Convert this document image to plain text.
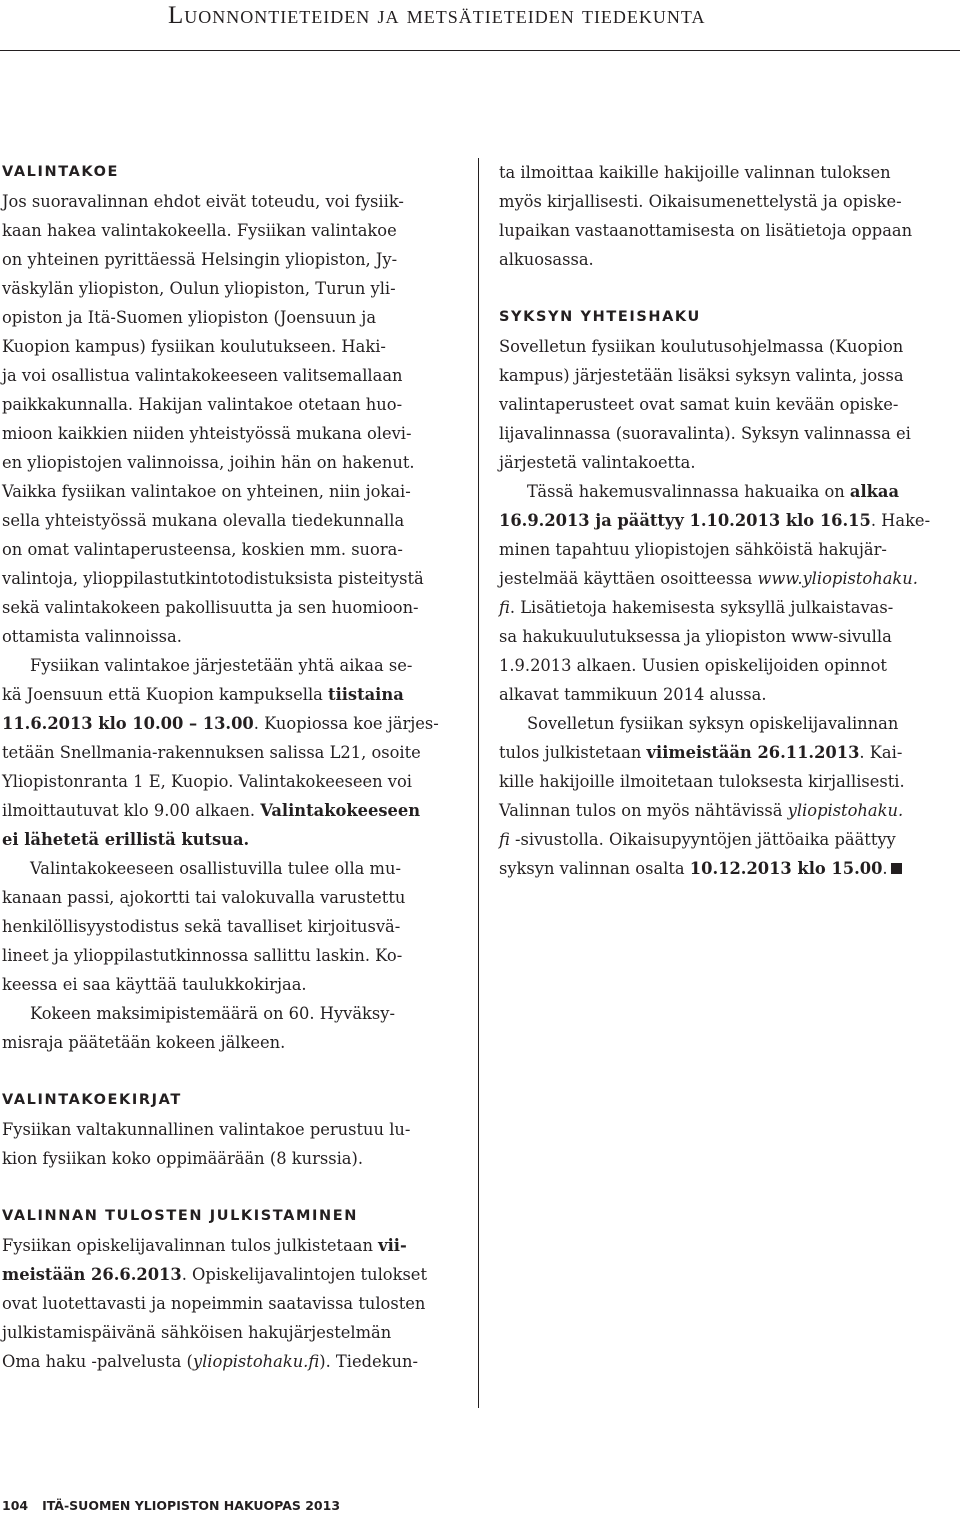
Luonnontieteiden ja metsätieteiden tiedekunta
VALINTAKOE

Jos suoravalinnan ehdot eivät toteudu, voi fysiik-

kaan hakea valintakokeella. Fysiikan valintakoe

on yhteinen pyrittäessä Helsingin yliopiston, Jy-

väskylän yliopiston, Oulun yliopiston, Turun yli-

opiston ja Itä-Suomen yliopiston (Joensuun ja

Kuopion kampus) fysiikan koulutukseen. Haki-

ja voi osallistua valintakokeeseen valitsemallaan

paikkakunnalla. Hakijan valintakoe otetaan huo-

mioon kaikkien niiden yhteistyössä mukana olevi-

en yliopistojen valinnoissa, joihin hän on hakenut.

Vaikka fysiikan valintakoe on yhteinen, niin jokai-

sella yhteistyössä mukana olevalla tiedekunnalla

on omat valintaperusteensa, koskien mm. suora-

valintoja, ylioppilastutkintotodistuksista pisteitystä

sekä valintakokeen pakollisuutta ja sen huomioon-

ottamista valinnoissa.

Fysiikan valintakoe järjestetään yhtä aikaa se-

kä Joensuun että Kuopion kampuksella tiistaina

11.6.2013 klo 10.00 – 13.00. Kuopiossa koe järjes-

tetään Snellmania-rakennuksen salissa L21, osoite

Yliopistonranta 1 E, Kuopio. Valintakokeeseen voi

ilmoittautuvat klo 9.00 alkaen. Valintakokeeseen

ei lähetetä erillistä kutsua.

Valintakokeeseen osallistuvilla tulee olla mu-

kanaan passi, ajokortti tai valokuvalla varustettu

henkilöllisyystodistus sekä tavalliset kirjoitusvä-

lineet ja ylioppilastutkinnossa sallittu laskin. Ko-

keessa ei saa käyttää taulukkokirjaa.

Kokeen maksimipistemäärä on 60. Hyväksy-

misraja päätetään kokeen jälkeen.

VALINTAKOEKIRJAT

Fysiikan valtakunnallinen valintakoe perustuu lu-

kion fysiikan koko oppimäärään (8 kurssia).

VALINNAN TULOSTEN JULKISTAMINEN

Fysiikan opiskelijavalinnan tulos julkistetaan vii-

meistään 26.6.2013. Opiskelijavalintojen tulokset

ovat luotettavasti ja nopeimmin saatavissa tulosten

julkistamispäivänä sähköisen hakujärjestelmän

Oma haku -palvelusta (yliopistohaku.fi). Tiedekun-

ta ilmoittaa kaikille hakijoille valinnan tuloksen

myös kirjallisesti. Oikaisumenettelystä ja opiske-

lupaikan vastaanottamisesta on lisätietoja oppaan

alkuosassa.

SYKSYN YHTEISHAKU

Sovelletun fysiikan koulutusohjelmassa (Kuopion

kampus) järjestetään lisäksi syksyn valinta, jossa

valintaperusteet ovat samat kuin kevään opiske-

lijavalinnassa (suoravalinta). Syksyn valinnassa ei

järjestetä valintakoetta.

Tässä hakemusvalinnassa hakuaika on alkaa

16.9.2013 ja päättyy 1.10.2013 klo 16.15. Hake-

minen tapahtuu yliopistojen sähköistä hakujär-

jestelmää käyttäen osoitteessa www.yliopistohaku.

fi. Lisätietoja hakemisesta syksyllä julkaistavas-

sa hakukuulutuksessa ja yliopiston www-sivulla

1.9.2013 alkaen. Uusien opiskelijoiden opinnot

alkavat tammikuun 2014 alussa.

Sovelletun fysiikan syksyn opiskelijavalinnan

tulos julkistetaan viimeistään 26.11.2013. Kai-

kille hakijoille ilmoitetaan tuloksesta kirjallisesti.

Valinnan tulos on myös nähtävissä yliopistohaku.

fi -sivustolla. Oikaisupyyntöjen jättöaika päättyy

syksyn valinnan osalta 10.12.2013 klo 15.00.

104 ITÄ-SUOMEN YLIOPISTON HAKUOPAS 2013
